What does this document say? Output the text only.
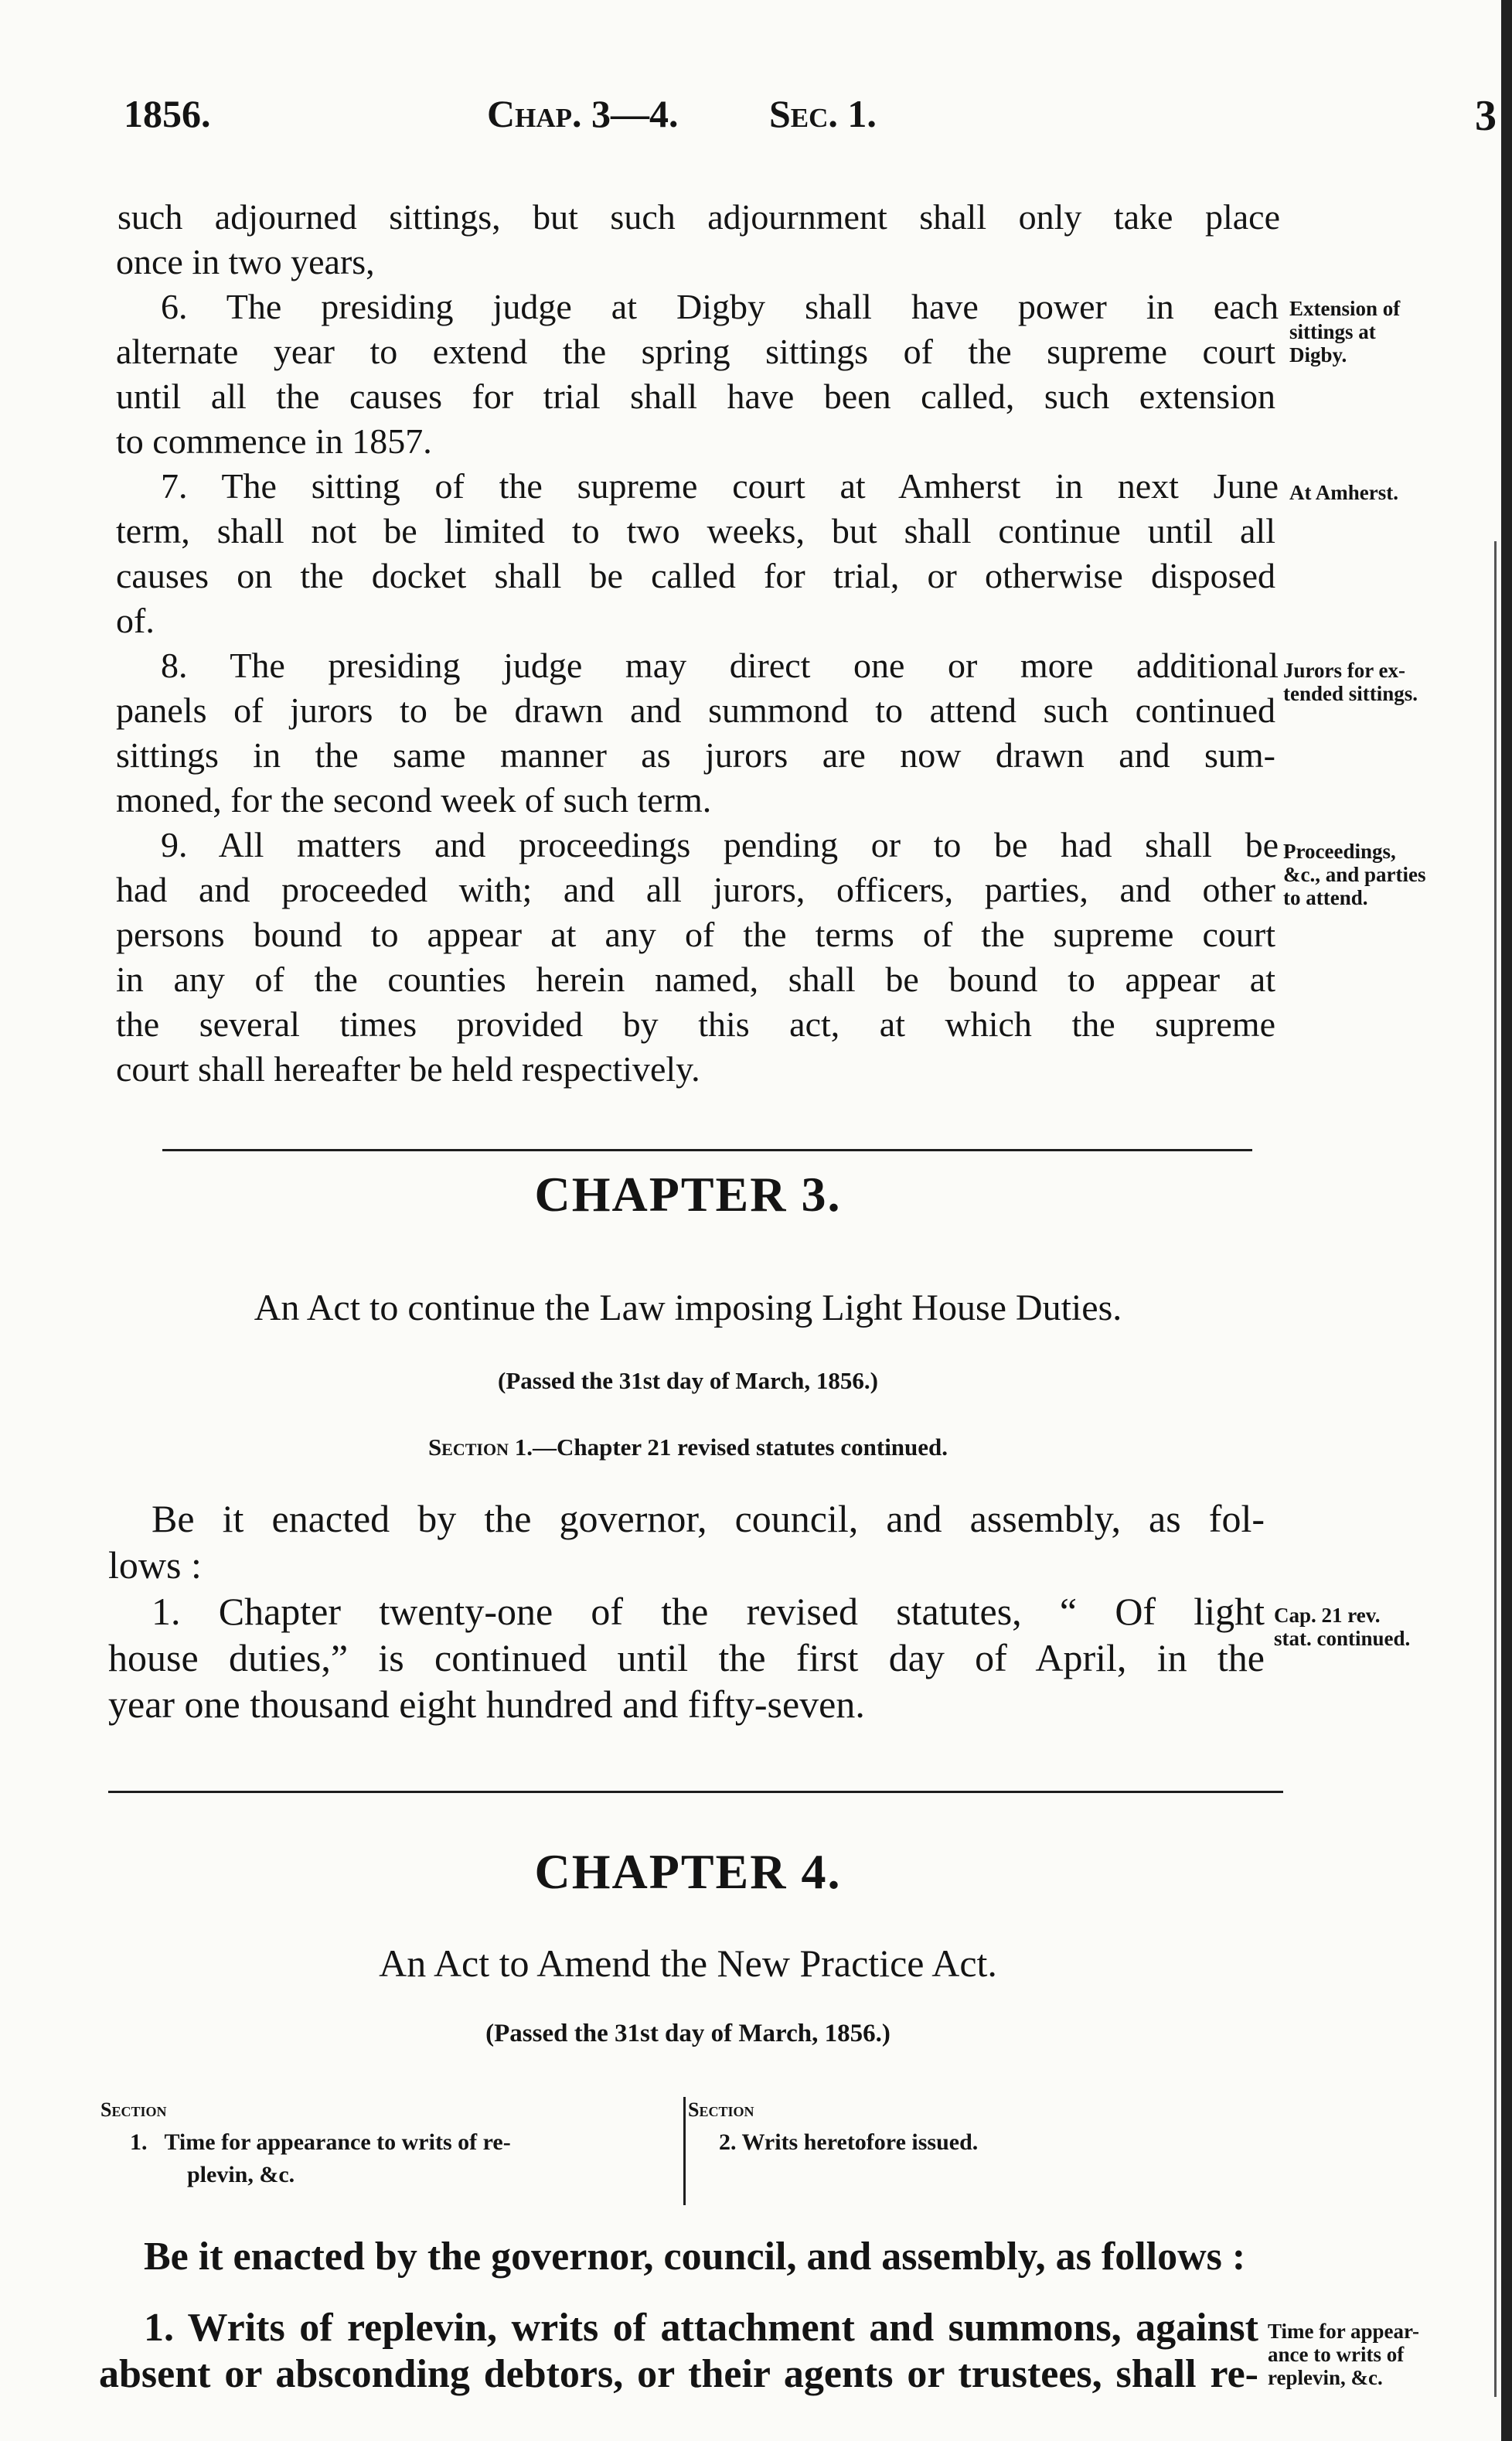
1856.	Chap. 3—4. Sec. 1.	3
such adjourned sittings, but such adjournment shall only take place
once in two years,
6. The presiding judge at Digby shall have power in each
alternate year to extend the spring sittings of the supreme court
until all the causes for trial shall have been called, such extension
to commence in 1857.
7. The sitting of the supreme court at Amherst in next June
term, shall not be limited to two weeks, but shall continue until all
causes on the docket shall be called for trial, or otherwise disposed
of.
8. The presiding judge may direct one or more additional
panels of jurors to be drawn and summond to attend such continued
sittings in the same manner as jurors are now drawn and sum-
moned, for the second week of such term.
9. All matters and proceedings pending or to be had shall be
had and proceeded with; and all jurors, officers, parties, and other
persons bound to appear at any of the terms of the supreme court
in any of the counties herein named, shall be bound to appear at
the several times provided by this act, at which the supreme
court shall hereafter be held respectively.
Extension of
sittings at
Digby.
At Amherst.
Jurors for ex-
tended sittings.
Proceedings,
&c., and parties
to attend.
CHAPTER 3.
An Act to continue the Law imposing Light House Duties.
(Passed the 31st day of March, 1856.)
Section 1.—Chapter 21 revised statutes continued.
Be it enacted by the governor, council, and assembly, as fol-
lows :
1. Chapter twenty-one of the revised statutes, “ Of light
house duties,” is continued until the first day of April, in the
year one thousand eight hundred and fifty-seven.
Cap. 21 rev.
stat. continued.
CHAPTER 4.
An Act to Amend the New Practice Act.
(Passed the 31st day of March, 1856.)
Section
1. Time for appearance to writs of re-
plevin, &c.
Section
2. Writs heretofore issued.
Be it enacted by the governor, council, and assembly, as follows :
1. Writs of replevin, writs of attachment and summons, against
absent or absconding debtors, or their agents or trustees, shall re-
Time for appear-
ance to writs of
replevin, &c.
